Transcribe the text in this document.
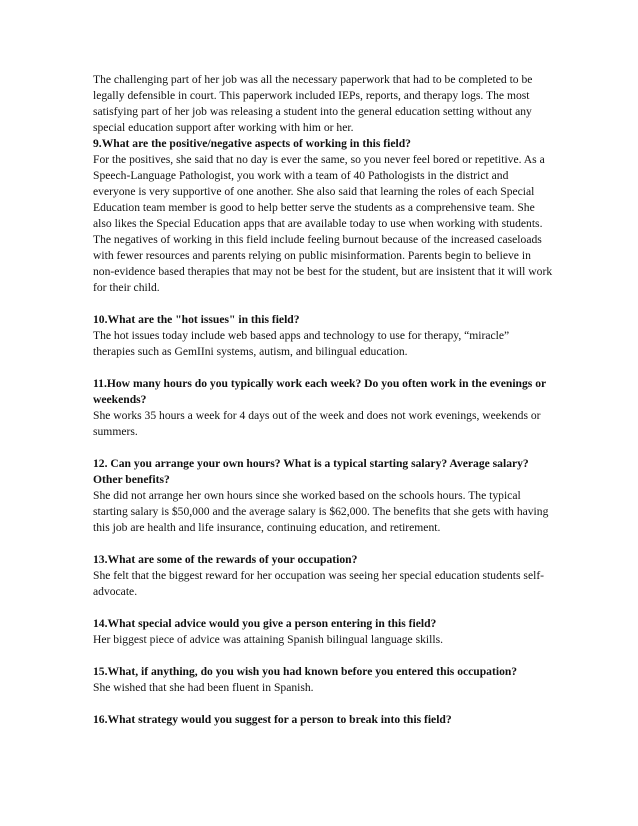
The challenging part of her job was all the necessary paperwork that had to be completed to be legally defensible in court. This paperwork included IEPs, reports, and therapy logs. The most satisfying part of her job was releasing a student into the general education setting without any special education support after working with him or her.

9.What are the positive/negative aspects of working in this field?

For the positives, she said that no day is ever the same, so you never feel bored or repetitive. As a Speech-Language Pathologist, you work with a team of 40 Pathologists in the district and everyone is very supportive of one another. She also said that learning the roles of each Special Education team member is good to help better serve the students as a comprehensive team. She also likes the Special Education apps that are available today to use when working with students.

The negatives of working in this field include feeling burnout because of the increased caseloads with fewer resources and parents relying on public misinformation. Parents begin to believe in non-evidence based therapies that may not be best for the student, but are insistent that it will work for their child.

10.What are the "hot issues" in this field?

The hot issues today include web based apps and technology to use for therapy, “miracle” therapies such as GemIIni systems, autism, and bilingual education.

11.How many hours do you typically work each week? Do you often work in the evenings or weekends?

She works 35 hours a week for 4 days out of the week and does not work evenings, weekends or summers.

12. Can you arrange your own hours? What is a typical starting salary? Average salary? Other benefits?

She did not arrange her own hours since she worked based on the schools hours. The typical starting salary is $50,000 and the average salary is $62,000. The benefits that she gets with having this job are health and life insurance, continuing education, and retirement.

13.What are some of the rewards of your occupation?

She felt that the biggest reward for her occupation was seeing her special education students self-advocate.

14.What special advice would you give a person entering in this field?

Her biggest piece of advice was attaining Spanish bilingual language skills.

15.What, if anything, do you wish you had known before you entered this occupation?

She wished that she had been fluent in Spanish.

16.What strategy would you suggest for a person to break into this field?
